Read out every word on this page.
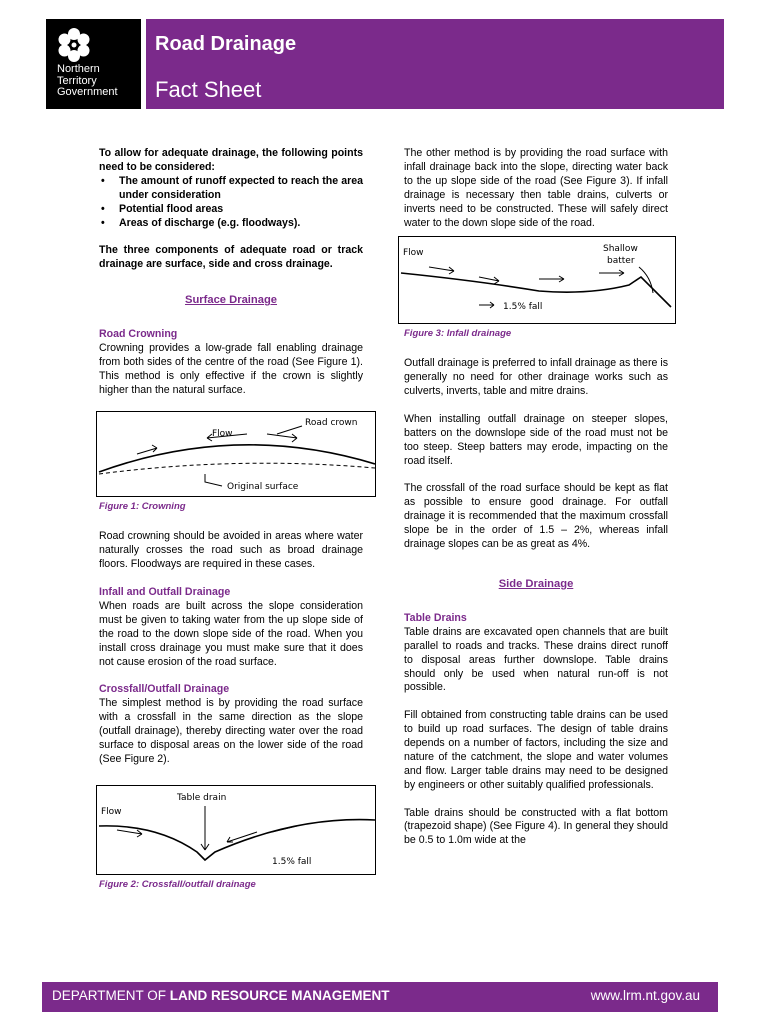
Northern
Territory
Government
Road Drainage
Fact Sheet

To allow for adequate drainage, the following points need to be considered:

• The amount of runoff expected to reach the area under consideration
• Potential flood areas
• Areas of discharge (e.g. floodways).

The three components of adequate road or track drainage are surface, side and cross drainage.

Surface Drainage
Road Crowning

Crowning provides a low-grade fall enabling drainage from both sides of the centre of the road (See Figure 1). This method is only effective if the crown is slightly higher than the natural surface.

Flow
Road crown
Original surface
Figure 1: Crowning

Road crowning should be avoided in areas where water naturally crosses the road such as broad drainage floors. Floodways are required in these cases.

Infall and Outfall Drainage

When roads are built across the slope consideration must be given to taking water from the up slope side of the road to the down slope side of the road. When you install cross drainage you must make sure that it does not cause erosion of the road surface.

Crossfall/Outfall Drainage

The simplest method is by providing the road surface with a crossfall in the same direction as the slope (outfall drainage), thereby directing water over the road surface to disposal areas on the lower side of the road (See Figure 2).

Table drain
Flow
1.5% fall
Figure 2: Crossfall/outfall drainage

The other method is by providing the road surface with infall drainage back into the slope, directing water back to the up slope side of the road (See Figure 3). If infall drainage is necessary then table drains, culverts or inverts need to be constructed. These will safely direct water to the down slope side of the road.

Flow	Shallow
batter
1.5% fall
Figure 3: Infall drainage

Outfall drainage is preferred to infall drainage as there is generally no need for other drainage works such as culverts, inverts, table and mitre drains.

When installing outfall drainage on steeper slopes, batters on the downslope side of the road must not be too steep. Steep batters may erode, impacting on the road itself.

The crossfall of the road surface should be kept as flat as possible to ensure good drainage. For outfall drainage it is recommended that the maximum crossfall slope be in the order of 1.5 – 2%, whereas infall drainage slopes can be as great as 4%.

Side Drainage
Table Drains

Table drains are excavated open channels that are built parallel to roads and tracks. These drains direct runoff to disposal areas further downslope. Table drains should only be used when natural run-off is not possible.

Fill obtained from constructing table drains can be used to build up road surfaces. The design of table drains depends on a number of factors, including the size and nature of the catchment, the slope and water volumes and flow. Larger table drains may need to be designed by engineers or other suitably qualified professionals.

Table drains should be constructed with a flat bottom (trapezoid shape) (See Figure 4). In general they should be 0.5 to 1.0m wide at the

DEPARTMENT OF LAND RESOURCE MANAGEMENT	www.lrm.nt.gov.au
